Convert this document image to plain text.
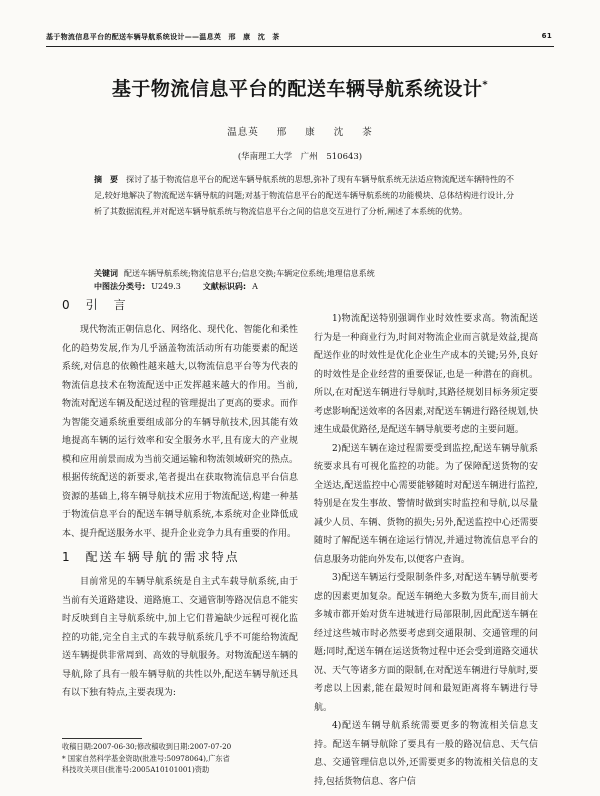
基于物流信息平台的配送车辆导航系统设计——温息英　邢　康　沈　茶	61
基于物流信息平台的配送车辆导航系统设计*
温息英 邢 康 沈 茶
(华南理工大学　广州 510643)
摘　要 探讨了基于物流信息平台的配送车辆导航系统的思想,弥补了现有车辆导航系统无法适应物流配送车辆特性的不足,较好地解决了物流配送车辆导航的问题;对基于物流信息平台的配送车辆导航系统的功能模块、总体结构进行设计,分析了其数据流程,并对配送车辆导航系统与物流信息平台之间的信息交互进行了分析,阐述了本系统的优势。
关键词 配送车辆导航系统;物流信息平台;信息交换;车辆定位系统;地理信息系统
中图法分类号: U249.3	文献标识码: A
0 引　言

现代物流正朝信息化、网络化、现代化、智能化和柔性化的趋势发展,作为几乎涵盖物流活动所有功能要素的配送系统,对信息的依赖性越来越大,以物流信息平台等为代表的物流信息技术在物流配送中正发挥越来越大的作用。当前,物流对配送车辆及配送过程的管理提出了更高的要求。而作为智能交通系统重要组成部分的车辆导航技术,因其能有效地提高车辆的运行效率和安全服务水平,且有庞大的产业规模和应用前景而成为当前交通运输和物流领域研究的热点。根据传统配送的新要求,笔者提出在获取物流信息平台信息资源的基础上,将车辆导航技术应用于物流配送,构建一种基于物流信息平台的配送车辆导航系统,本系统对企业降低成本、提升配送服务水平、提升企业竞争力具有重要的作用。

1 配送车辆导航的需求特点

目前常见的车辆导航系统是自主式车载导航系统,由于当前有关道路建设、道路施工、交通管制等路况信息不能实时反映到自主导航系统中,加上它们普遍缺少远程可视化监控的功能,完全自主式的车载导航系统几乎不可能给物流配送车辆提供非常周到、高效的导航服务。对物流配送车辆的导航,除了具有一般车辆导航的共性以外,配送车辆导航还具有以下独有特点,主要表现为:

1)物流配送特别强调作业时效性要求高。物流配送行为是一种商业行为,时间对物流企业而言就是效益,提高配送作业的时效性是优化企业生产成本的关键;另外,良好的时效性是企业经营的重要保证,也是一种潜在的商机。所以,在对配送车辆进行导航时,其路径规划目标务须定要考虑影响配送效率的各因素,对配送车辆进行路径规划,快速生成最优路径,是配送车辆导航要考虑的主要问题。

2)配送车辆在途过程需要受到监控,配送车辆导航系统要求具有可视化监控的功能。为了保障配送货物的安全送达,配送监控中心需要能够随时对配送车辆进行监控,特别是在发生事故、警情时做到实时监控和导航,以尽量减少人员、车辆、货物的损失;另外,配送监控中心还需要随时了解配送车辆在途运行情况,并通过物流信息平台的信息服务功能向外发布,以便客户查询。

3)配送车辆运行受限制条件多,对配送车辆导航要考虑的因素更加复杂。配送车辆绝大多数为货车,而目前大多城市都开始对货车进城进行局部限制,因此配送车辆在经过这些城市时必然要考虑到交通限制、交通管理的问题;同时,配送车辆在运送货物过程中还会受到道路交通状况、天气等诸多方面的限制,在对配送车辆进行导航时,要考虑以上因素,能在最短时间和最短距离将车辆进行导航。

4)配送车辆导航系统需要更多的物流相关信息支持。配送车辆导航除了要具有一般的路况信息、天气信息、交通管理信息以外,还需要更多的物流相关信息的支持,包括货物信息、客户信

收稿日期:2007-06-30;修改稿收到日期:2007-07-20
* 国家自然科学基金资助(批准号:50978064),广东省
科技攻关项目(批准号:2005A10101001)资助
